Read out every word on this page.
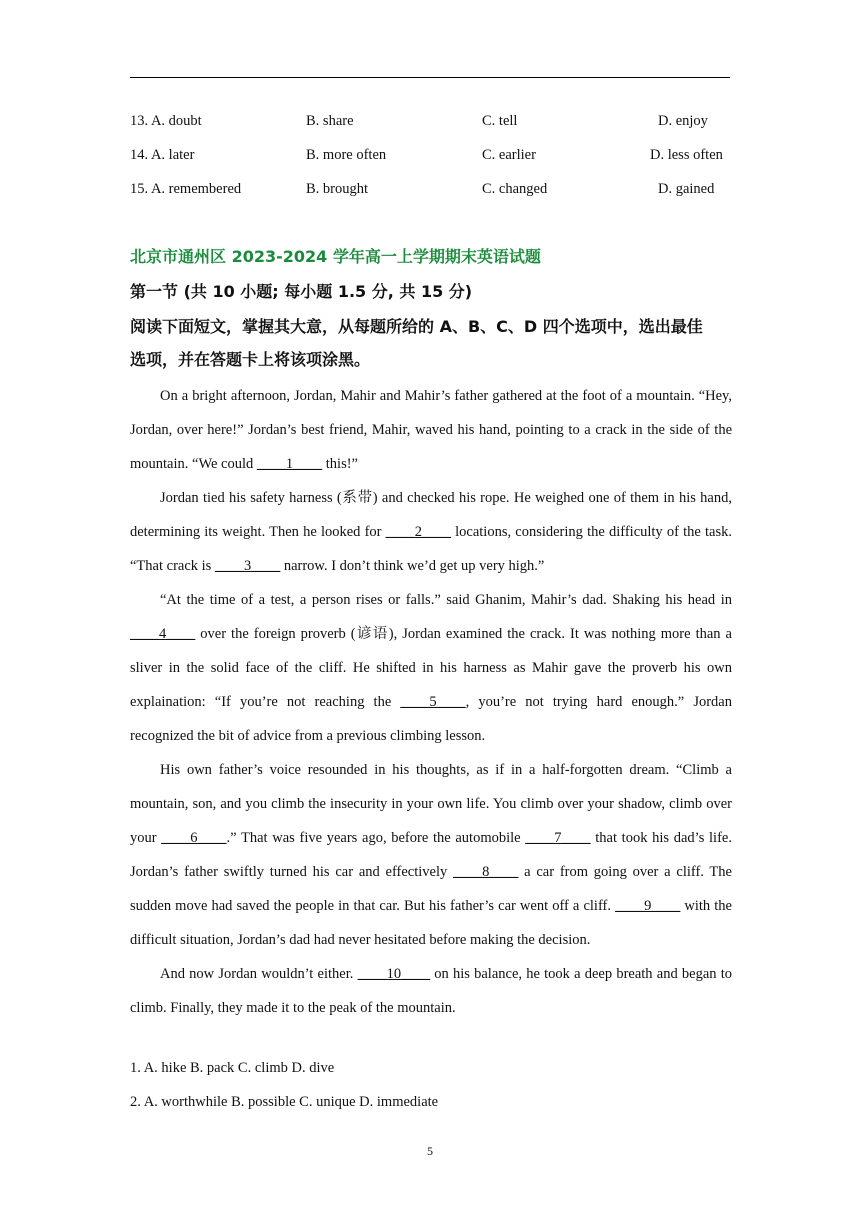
13. A. doubt	B. share	C. tell	D. enjoy
14. A. later	B. more often	C. earlier	D. less often
15. A. remembered	B. brought	C. changed	D. gained
北京市通州区 2023-2024 学年高一上学期期末英语试题
第一节 (共 10 小题; 每小题 1.5 分, 共 15 分)
阅读下面短文，掌握其大意，从每题所给的 A、B、C、D 四个选项中，选出最佳
选项，并在答题卡上将该项涂黑。

On a bright afternoon, Jordan, Mahir and Mahir’s father gathered at the foot of a mountain. “Hey, Jordan, over here!” Jordan’s best friend, Mahir, waved his hand, pointing to a crack in the side of the mountain. “We could ____1____ this!”

Jordan tied his safety harness (系带) and checked his rope. He weighed one of them in his hand, determining its weight. Then he looked for ____2____ locations, considering the difficulty of the task. “That crack is ____3____ narrow. I don’t think we’d get up very high.”

“At the time of a test, a person rises or falls.” said Ghanim, Mahir’s dad. Shaking his head in ____4____ over the foreign proverb (谚语), Jordan examined the crack. It was nothing more than a sliver in the solid face of the cliff. He shifted in his harness as Mahir gave the proverb his own explaination: “If you’re not reaching the ____5____, you’re not trying hard enough.” Jordan recognized the bit of advice from a previous climbing lesson.

His own father’s voice resounded in his thoughts, as if in a half-forgotten dream. “Climb a mountain, son, and you climb the insecurity in your own life. You climb over your shadow, climb over your ____6____.” That was five years ago, before the automobile ____7____ that took his dad’s life. Jordan’s father swiftly turned his car and effectively ____8____ a car from going over a cliff. The sudden move had saved the people in that car. But his father’s car went off a cliff. ____9____ with the difficult situation, Jordan’s dad had never hesitated before making the decision.

And now Jordan wouldn’t either. ____10____ on his balance, he took a deep breath and began to climb. Finally, they made it to the peak of the mountain.

1. A. hike B. pack C. climb D. dive
2. A. worthwhile B. possible C. unique D. immediate
5
